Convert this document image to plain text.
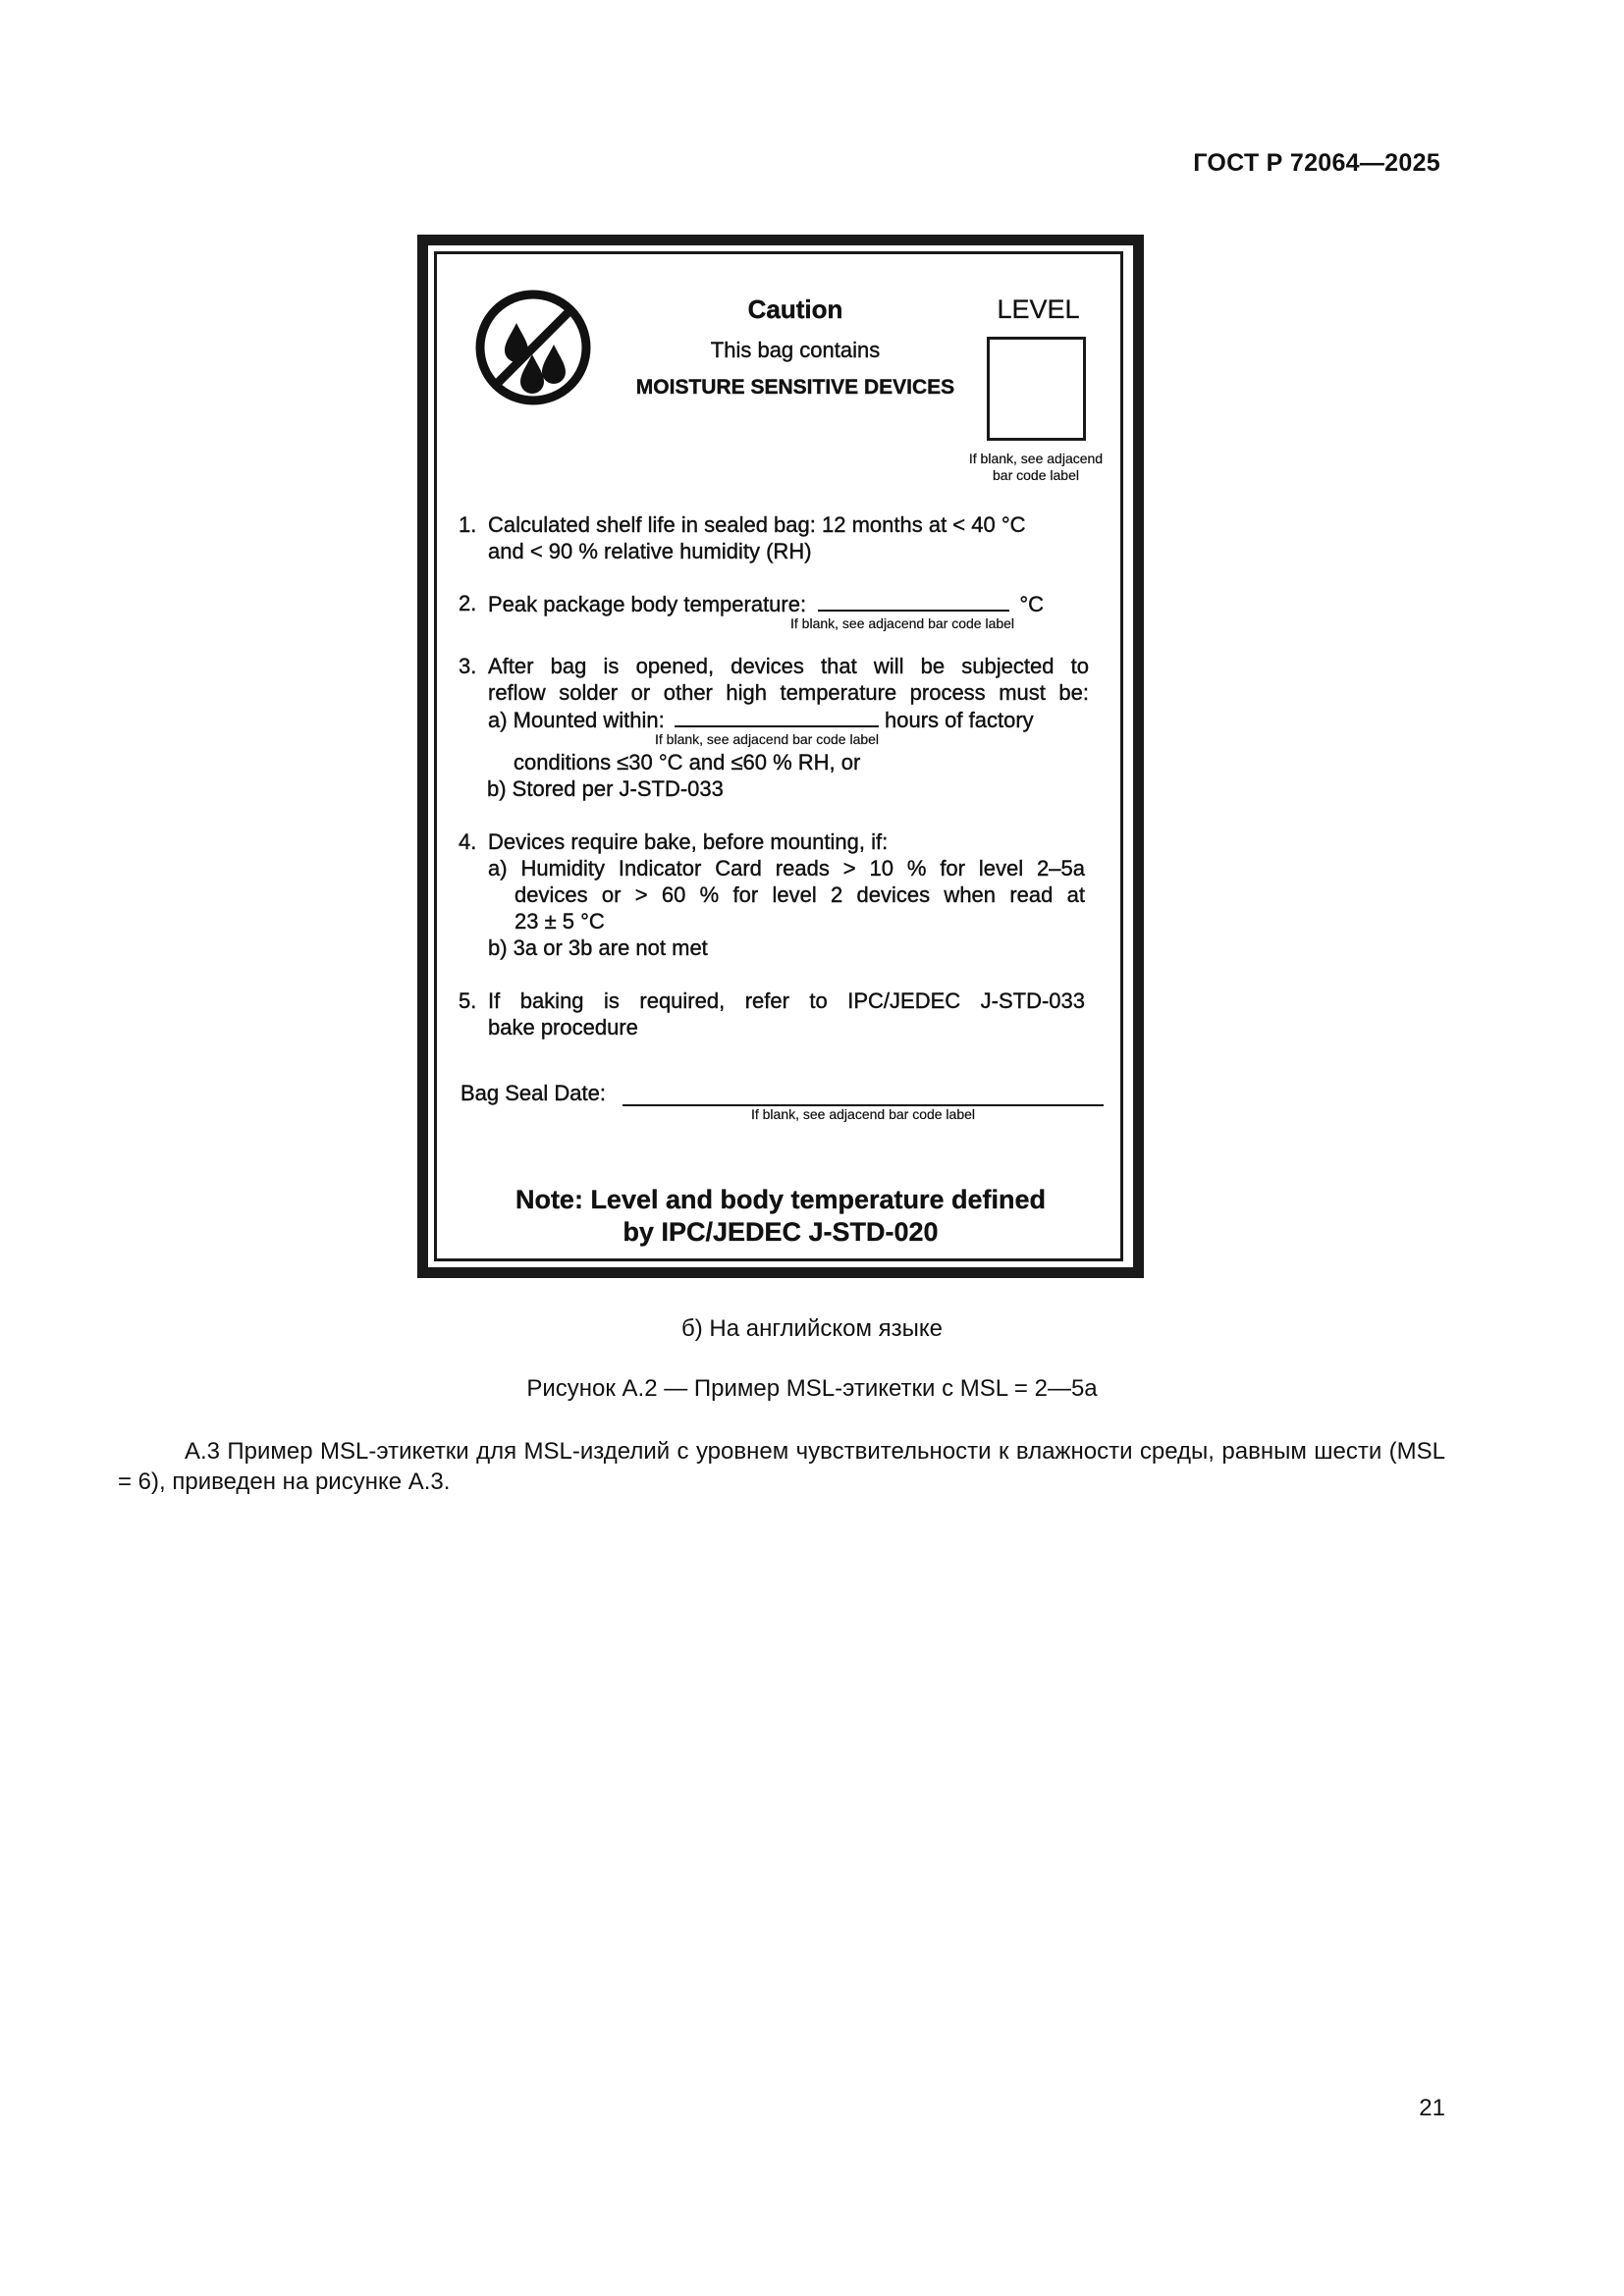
ГОСТ Р 72064—2025
Caution
This bag contains
MOISTURE SENSITIVE DEVICES
LEVEL
If blank, see adjacend
bar code label
1. Calculated shelf life in sealed bag: 12 months at < 40 °C
and < 90 % relative humidity (RH)
2. Peak package body temperature:	°C
If blank, see adjacend bar code label
3. After bag is opened, devices that will be subjected to
reflow solder or other high temperature process must be:
a) Mounted within:	hours of factory
If blank, see adjacend bar code label
conditions ≤30 °C and ≤60 % RH, or
b) Stored per J-STD-033
4. Devices require bake, before mounting, if:
a) Humidity Indicator Card reads > 10 % for level 2–5a
devices or > 60 % for level 2 devices when read at
23 ± 5 °C
b) 3a or 3b are not met
5. If baking is required, refer to IPC/JEDEC J-STD-033
bake procedure
Bag Seal Date:
If blank, see adjacend bar code label
Note: Level and body temperature defined
by IPC/JEDEC J-STD-020
б) На английском языке
Рисунок А.2 — Пример MSL-этикетки с MSL = 2—5а
А.3 Пример MSL-этикетки для MSL-изделий с уровнем чувствительности к влажности среды, равным шести (MSL = 6), приведен на рисунке А.3.
21
